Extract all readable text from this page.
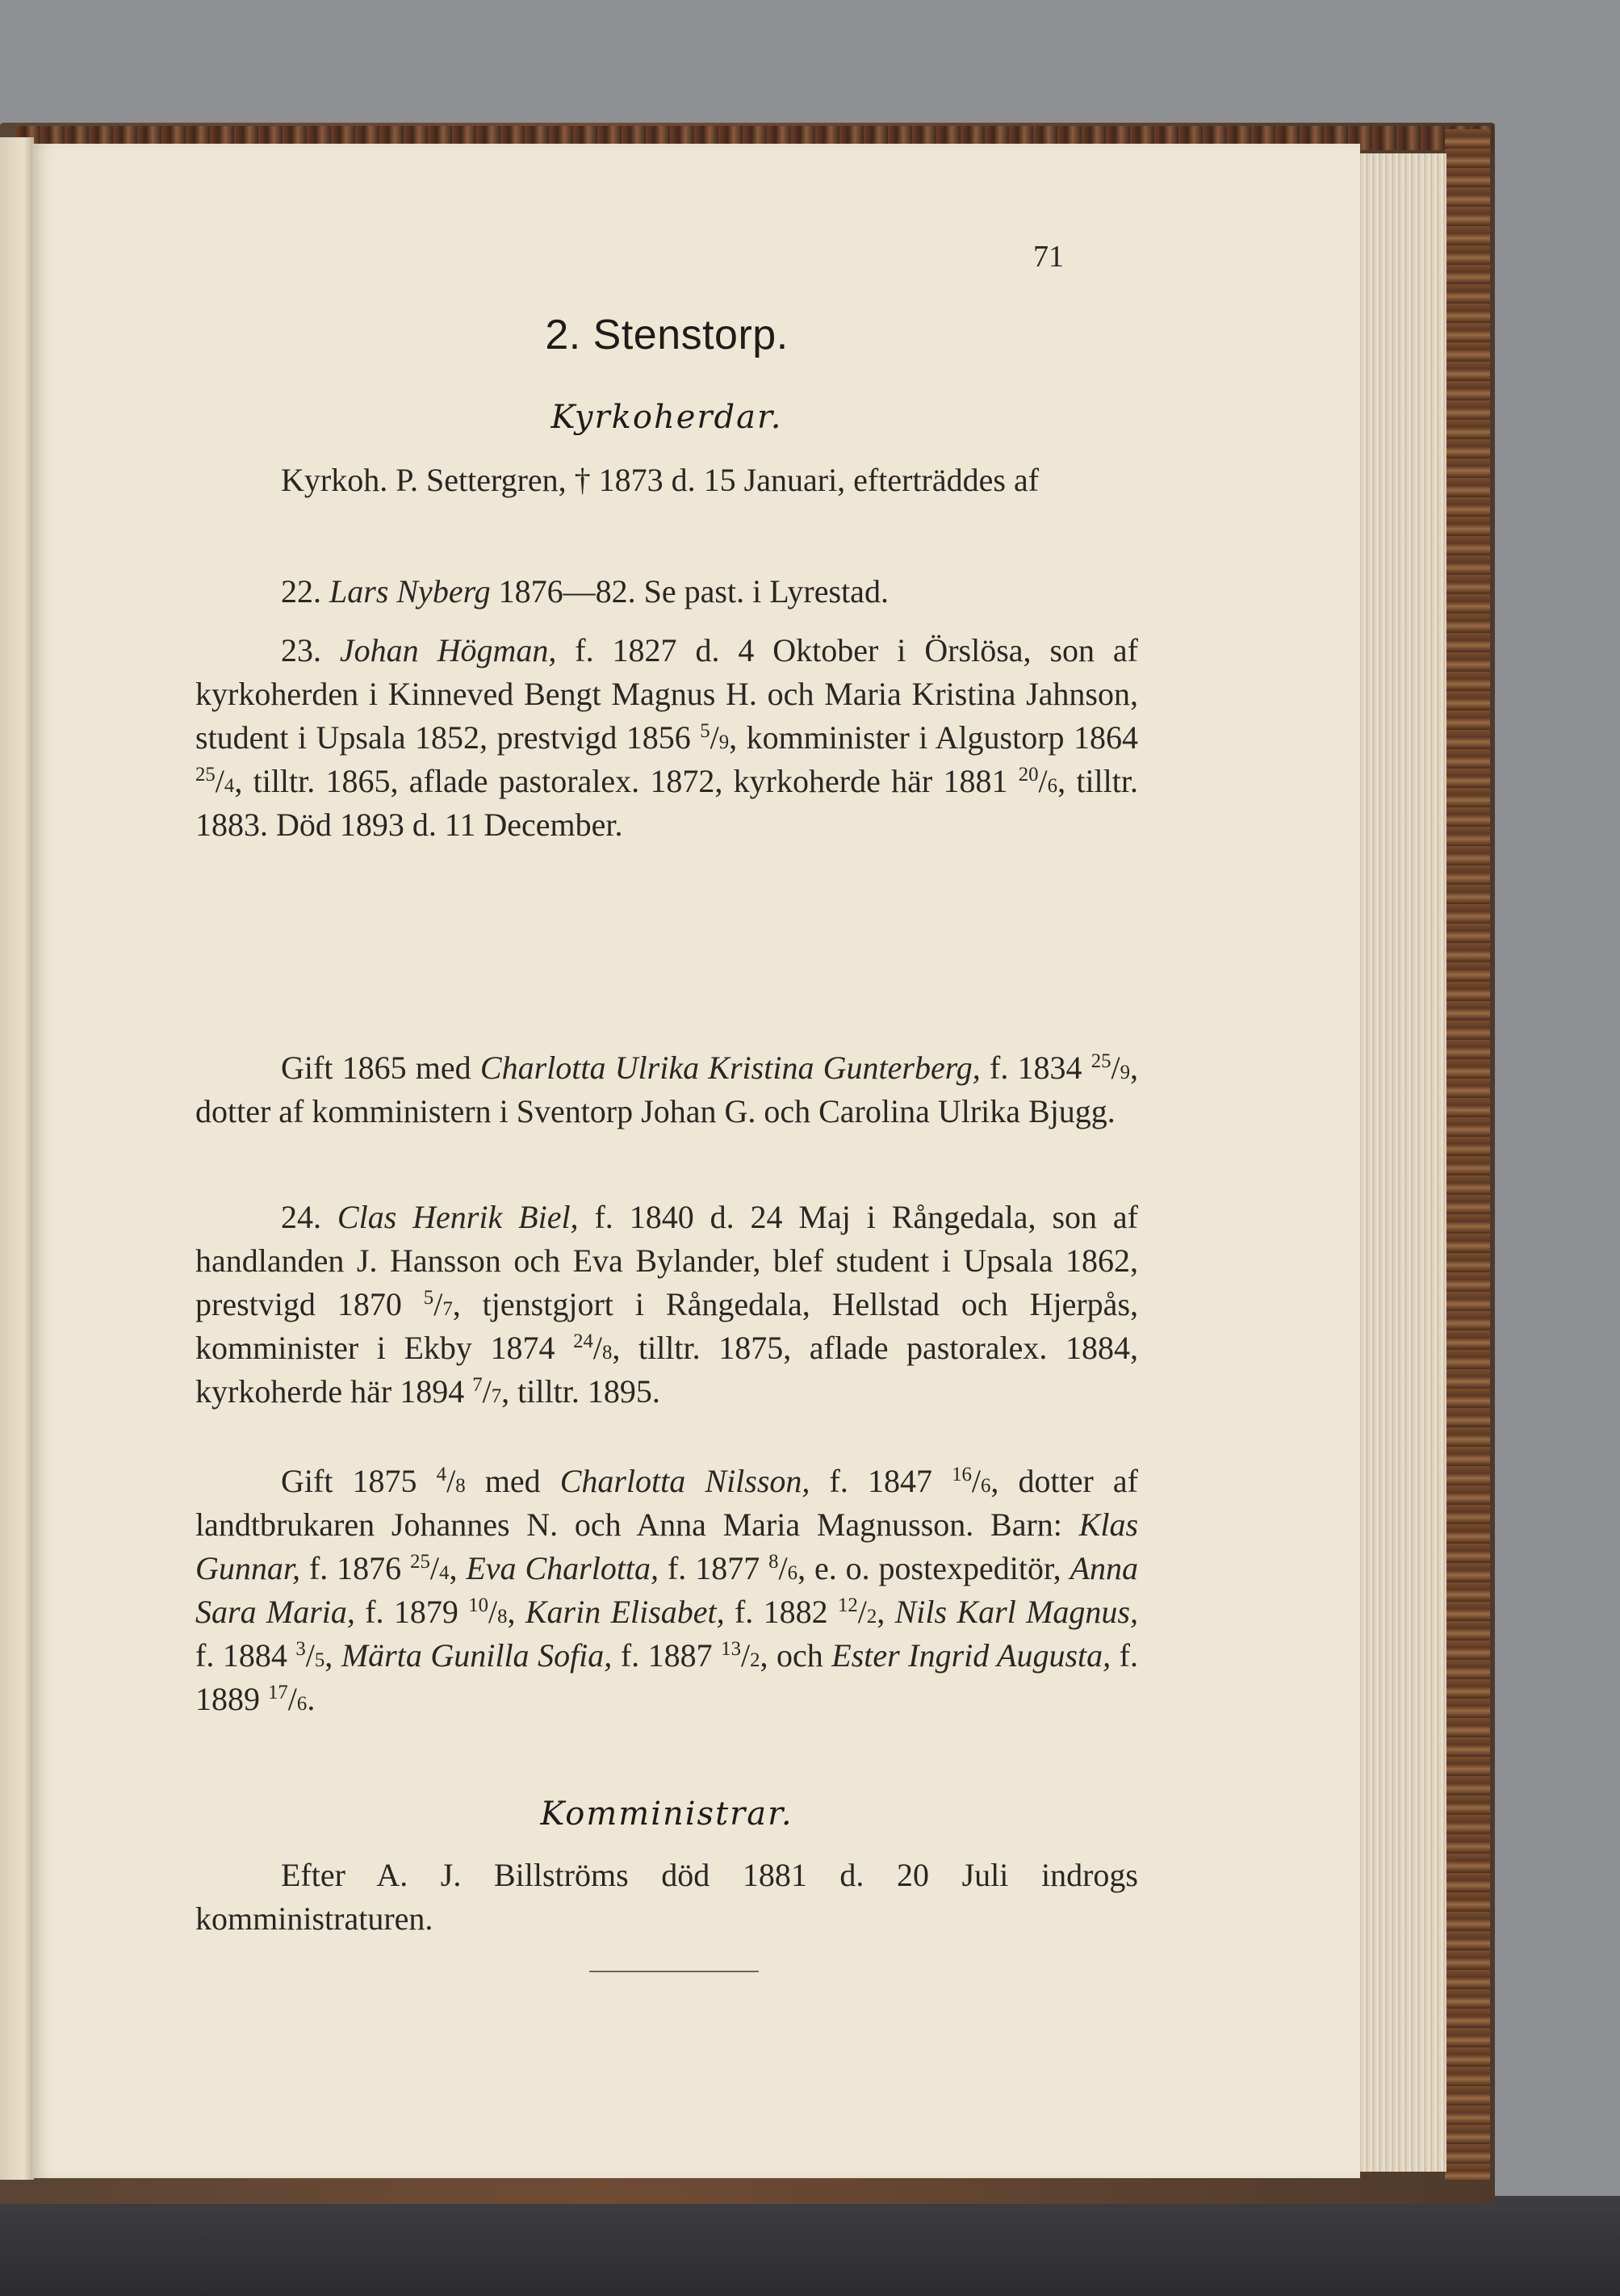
71
2. Stenstorp.
Kyrkoherdar.
Kyrkoh. P. Settergren, † 1873 d. 15 Januari, efterträddes af
22. Lars Nyberg 1876—82. Se past. i Lyrestad.
23. Johan Högman, f. 1827 d. 4 Oktober i Örslösa, son af kyrkoherden i Kinneved Bengt Magnus H. och Maria Kristina Jahnson, student i Upsala 1852, prestvigd 1856 $^5$/9, komminister i Algustorp 1864 $^{25}$/4, tilltr. 1865, aflade pastoralex. 1872, kyrkoherde här 1881 $^{20}$/6, tilltr. 1883. Död 1893 d. 11 December.
Gift 1865 med Charlotta Ulrika Kristina Gunterberg, f. 1834 $^{25}$/9, dotter af komministern i Sventorp Johan G. och Carolina Ulrika Bjugg.
24. Clas Henrik Biel, f. 1840 d. 24 Maj i Rångedala, son af handlanden J. Hansson och Eva Bylander, blef student i Upsala 1862, prestvigd 1870 $^5$/7, tjenstgjort i Rångedala, Hellstad och Hjerpås, komminister i Ekby 1874 $^{24}$/8, tilltr. 1875, aflade pastoralex. 1884, kyrkoherde här 1894 $^7$/7, tilltr. 1895.
Gift 1875 $^4$/8 med Charlotta Nilsson, f. 1847 $^{16}$/6, dotter af landtbrukaren Johannes N. och Anna Maria Magnusson. Barn: Klas Gunnar, f. 1876 $^{25}$/4, Eva Charlotta, f. 1877 $^8$/6, e. o. postexpeditör, Anna Sara Maria, f. 1879 $^{10}$/8, Karin Elisabet, f. 1882 $^{12}$/2, Nils Karl Magnus, f. 1884 $^3$/5, Märta Gunilla Sofia, f. 1887 $^{13}$/2, och Ester Ingrid Augusta, f. 1889 $^{17}$/6.
Komministrar.
Efter A. J. Billströms död 1881 d. 20 Juli indrogs komministraturen.
